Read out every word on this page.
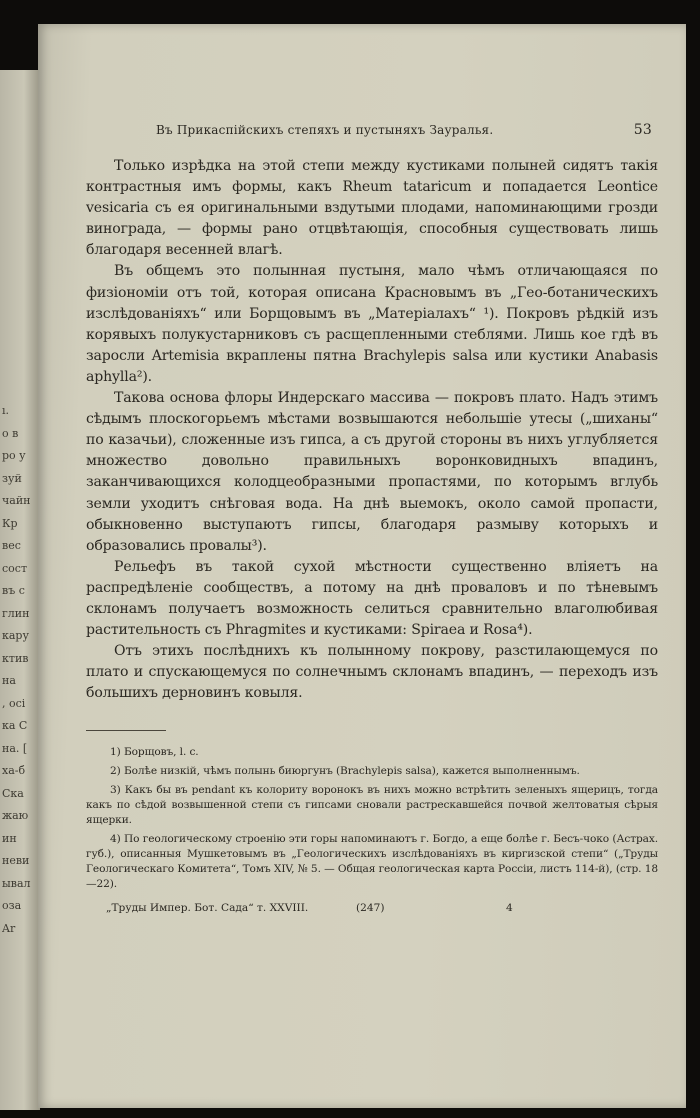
ı.
о в
ро у
зуй
чайн
Кр
вес
сост
въ с
глин
кару
ктив
на
, осі
ка С
на. [
ха-б
Ска
жаю
ин
неви
ывал
оза
Ar
Въ Прикаспійскихъ степяхъ и пустыняхъ Зауралья.	53

Только изрѣдка на этой степи между кустиками полыней сидятъ такія контрастныя имъ формы, какъ Rheum tataricum и попадается Leontice vesicaria съ ея оригинальными вздутыми плодами, напоминающими грозди винограда, — формы рано отцвѣтающія, способныя существовать лишь благодаря весенней влагѣ.

Въ общемъ это полынная пустыня, мало чѣмъ отличающаяся по физіономіи отъ той, которая описана Красновымъ въ „Гео-ботаническихъ изслѣдованіяхъ“ или Борщовымъ въ „Матеріалахъ“ ¹). Покровъ рѣдкій изъ корявыхъ полукустарниковъ съ расщепленными стеблями. Лишь кое гдѣ въ заросли Artemisia вкраплены пятна Brachylepis salsa или кустики Anabasis aphylla²).

Такова основа флоры Индерскаго массива — покровъ плато. Надъ этимъ сѣдымъ плоскогорьемъ мѣстами возвышаются небольшіе утесы („шиханы“ по казачьи), сложенные изъ гипса, а съ другой стороны въ нихъ углубляется множество довольно правильныхъ воронковидныхъ впадинъ, заканчивающихся колодцеобразными пропастями, по которымъ вглубь земли уходитъ снѣговая вода. На днѣ выемокъ, около самой пропасти, обыкновенно выступаютъ гипсы, благодаря размыву которыхъ и образовались провалы³).

Рельефъ въ такой сухой мѣстности существенно вліяетъ на распредѣленіе сообществъ, а потому на днѣ проваловъ и по тѣневымъ склонамъ получаетъ возможность селиться сравнительно влаголюбивая растительность съ Phragmites и кустиками: Spiraea и Rosa⁴).

Отъ этихъ послѣднихъ къ полынному покрову, разстилающемуся по плато и спускающемуся по солнечнымъ склонамъ впадинъ, — переходъ изъ большихъ дерновинъ ковыля.

1) Борщовъ, l. c.

2) Болѣе низкій, чѣмъ полынь биюргунъ (Brachylepis salsa), кажется выполненнымъ.

3) Какъ бы въ pendant къ колориту воронокъ въ нихъ можно встрѣтить зеленыхъ ящерицъ, тогда какъ по сѣдой возвышенной степи съ гипсами сновали растрескавшейся почвой желтоватыя сѣрыя ящерки.

4) По геологическому строенію эти горы напоминаютъ г. Богдо, а еще болѣе г. Бесъ-чоко (Астрах. губ.), описанныя Мушкетовымъ въ „Геологическихъ изслѣдованіяхъ въ киргизской степи“ („Труды Геологическаго Комитета“, Томъ XIV, № 5. — Общая геологическая карта Россіи, листъ 114-й), (стр. 18—22).

„Труды Импер. Бот. Сада“ т. XXVIII.	(247)	4
